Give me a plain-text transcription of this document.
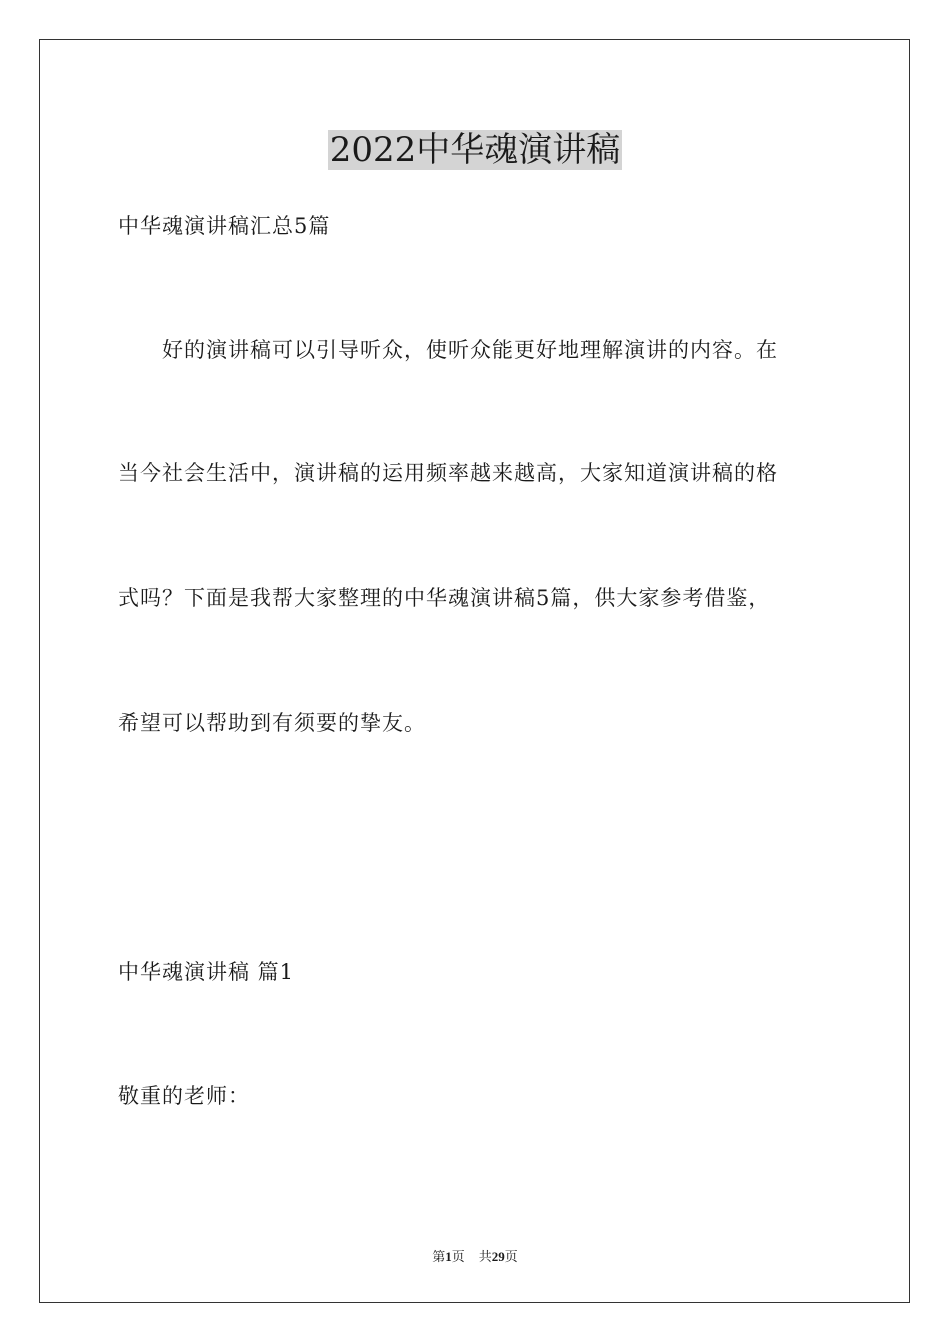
2022中华魂演讲稿
中华魂演讲稿汇总5篇
好的演讲稿可以引导听众，使听众能更好地理解演讲的内容。在
当今社会生活中，演讲稿的运用频率越来越高，大家知道演讲稿的格
式吗？下面是我帮大家整理的中华魂演讲稿5篇，供大家参考借鉴，
希望可以帮助到有须要的挚友。
中华魂演讲稿 篇1
敬重的老师：
第1页 共29页
